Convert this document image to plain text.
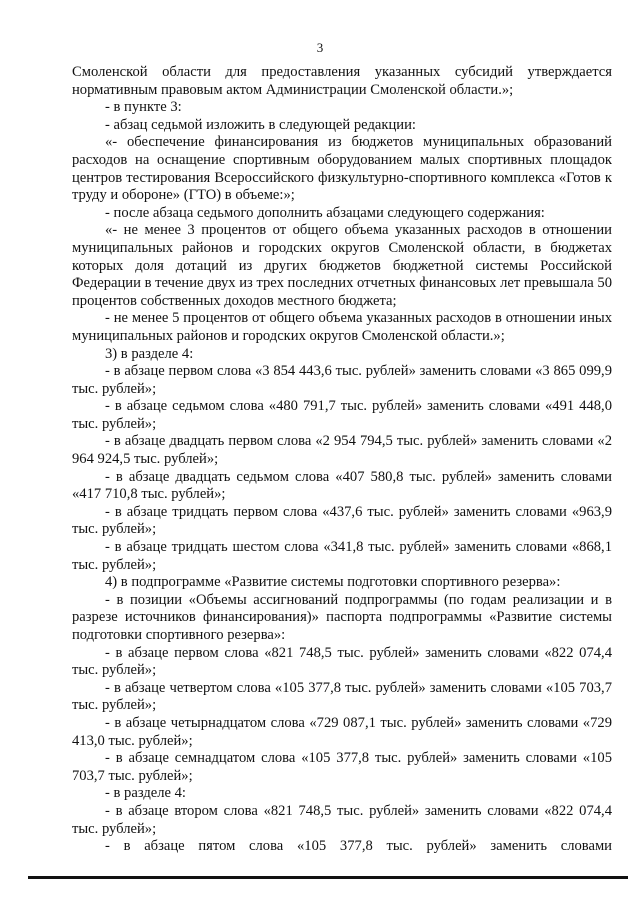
3

Смоленской области для предоставления указанных субсидий утверждается нормативным правовым актом Администрации Смоленской области.»;

- в пункте 3:

- абзац седьмой изложить в следующей редакции:

«- обеспечение финансирования из бюджетов муниципальных образований расходов на оснащение спортивным оборудованием малых спортивных площадок центров тестирования Всероссийского физкультурно-спортивного комплекса «Готов к труду и обороне» (ГТО) в объеме:»;

- после абзаца седьмого дополнить абзацами следующего содержания:

«- не менее 3 процентов от общего объема указанных расходов в отношении муниципальных районов и городских округов Смоленской области, в бюджетах которых доля дотаций из других бюджетов бюджетной системы Российской Федерации в течение двух из трех последних отчетных финансовых лет превышала 50 процентов собственных доходов местного бюджета;

- не менее 5 процентов от общего объема указанных расходов в отношении иных муниципальных районов и городских округов Смоленской области.»;

3) в разделе 4:

- в абзаце первом слова «3 854 443,6 тыс. рублей» заменить словами «3 865 099,9 тыс. рублей»;

- в абзаце седьмом слова «480 791,7 тыс. рублей» заменить словами «491 448,0 тыс. рублей»;

- в абзаце двадцать первом слова «2 954 794,5 тыс. рублей» заменить словами «2 964 924,5 тыс. рублей»;

- в абзаце двадцать седьмом слова «407 580,8 тыс. рублей» заменить словами «417 710,8 тыс. рублей»;

- в абзаце тридцать первом слова «437,6 тыс. рублей» заменить словами «963,9 тыс. рублей»;

- в абзаце тридцать шестом слова «341,8 тыс. рублей» заменить словами «868,1 тыс. рублей»;

4) в подпрограмме «Развитие системы подготовки спортивного резерва»:

- в позиции «Объемы ассигнований подпрограммы (по годам реализации и в разрезе источников финансирования)» паспорта подпрограммы «Развитие системы подготовки спортивного резерва»:

- в абзаце первом слова «821 748,5 тыс. рублей» заменить словами «822 074,4 тыс. рублей»;

- в абзаце четвертом слова «105 377,8 тыс. рублей» заменить словами «105 703,7 тыс. рублей»;

- в абзаце четырнадцатом слова «729 087,1 тыс. рублей» заменить словами «729 413,0 тыс. рублей»;

- в абзаце семнадцатом слова «105 377,8 тыс. рублей» заменить словами «105 703,7 тыс. рублей»;

- в разделе 4:

- в абзаце втором слова «821 748,5 тыс. рублей» заменить словами «822 074,4 тыс. рублей»;

- в абзаце пятом слова «105 377,8 тыс. рублей» заменить словами
